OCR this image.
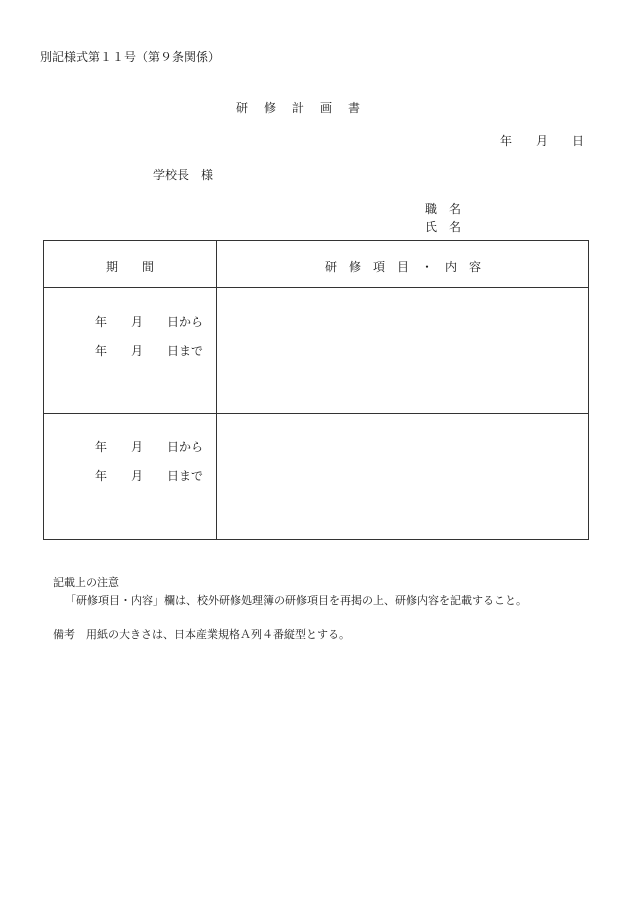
別記様式第１１号（第９条関係）
研　修　計　画　書
年　　月　　日
学校長　様
職　名
氏　名
期　　間	研　修　項　目　・　内　容
年　　月　　日から
年　　月　　日まで
年　　月　　日から
年　　月　　日まで
記載上の注意
「研修項目・内容」欄は、校外研修処理簿の研修項目を再掲の上、研修内容を記載すること。
備考　用紙の大きさは、日本産業規格Ａ列４番縦型とする。
